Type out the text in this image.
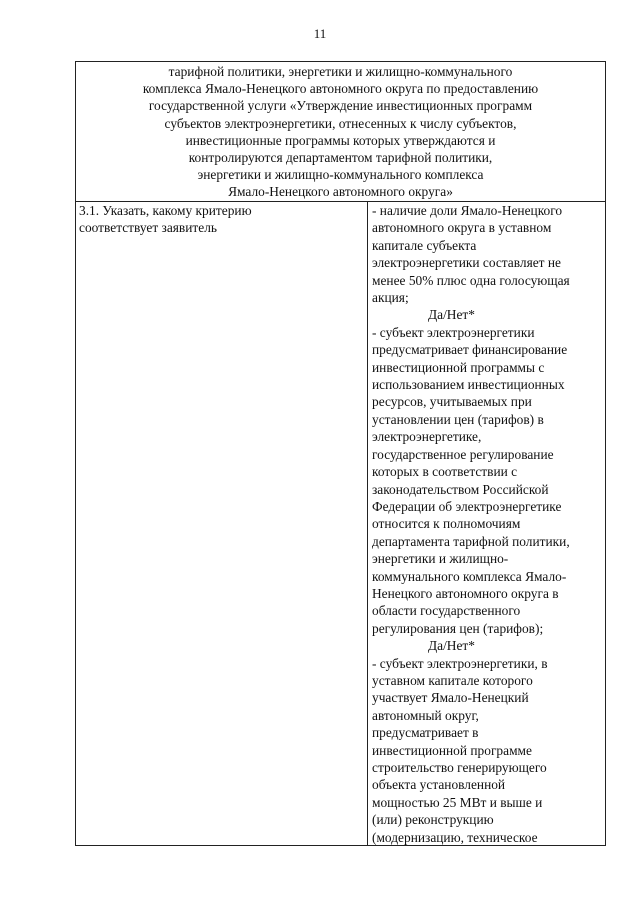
11
тарифной политики, энергетики и жилищно-коммунального
комплекса Ямало-Ненецкого автономного округа по предоставлению
государственной услуги «Утверждение инвестиционных программ
субъектов электроэнергетики, отнесенных к числу субъектов,
инвестиционные программы которых утверждаются и
контролируются департаментом тарифной политики,
энергетики и жилищно-коммунального комплекса
Ямало-Ненецкого автономного округа»
3.1. Указать, какому критерию
соответствует заявитель
- наличие доли Ямало-Ненецкого
автономного округа в уставном
капитале субъекта
электроэнергетики составляет не
менее 50% плюс одна голосующая
акция;
Да/Нет*
- субъект электроэнергетики
предусматривает финансирование
инвестиционной программы с
использованием инвестиционных
ресурсов, учитываемых при
установлении цен (тарифов) в
электроэнергетике,
государственное регулирование
которых в соответствии с
законодательством Российской
Федерации об электроэнергетике
относится к полномочиям
департамента тарифной политики,
энергетики и жилищно-
коммунального комплекса Ямало-
Ненецкого автономного округа в
области государственного
регулирования цен (тарифов);
Да/Нет*
- субъект электроэнергетики, в
уставном капитале которого
участвует Ямало-Ненецкий
автономный округ,
предусматривает в
инвестиционной программе
строительство генерирующего
объекта установленной
мощностью 25 МВт и выше и
(или) реконструкцию
(модернизацию, техническое
